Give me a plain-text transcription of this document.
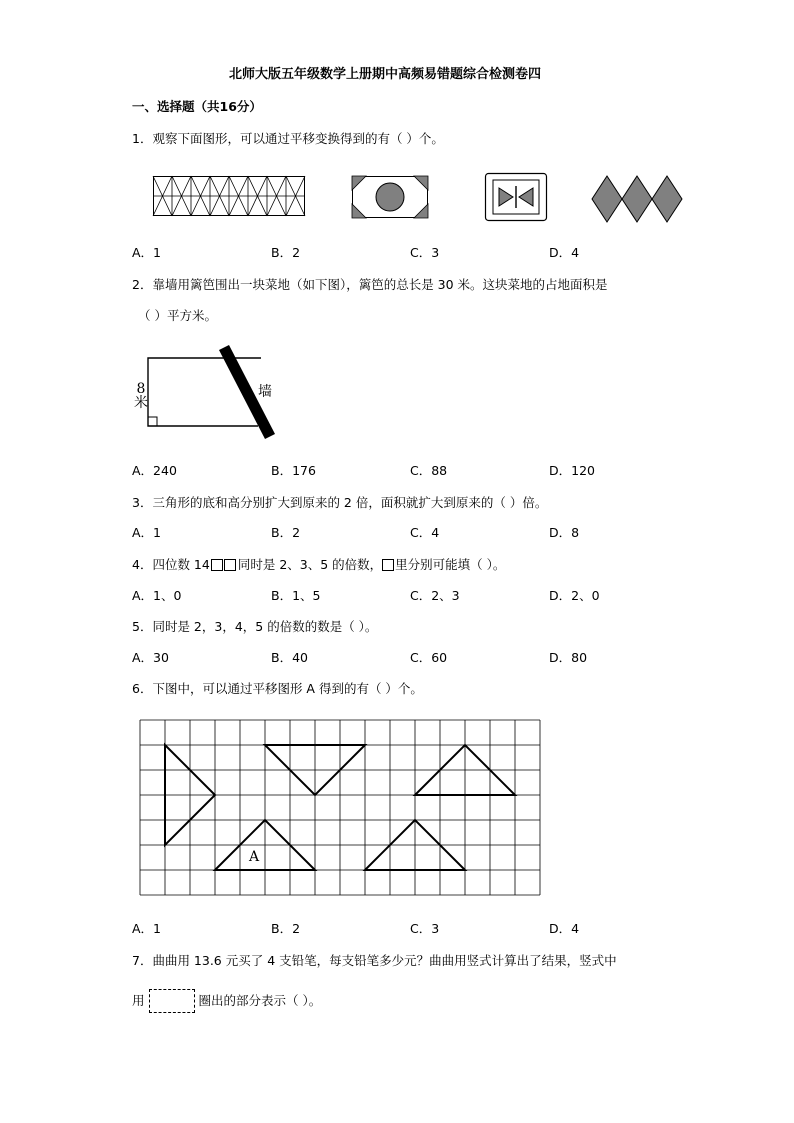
北师大版五年级数学上册期中高频易错题综合检测卷四
一、选择题（共16分）
1．观察下面图形，可以通过平移变换得到的有（ ）个。
A．1	B．2	C．3	D．4
2．靠墙用篱笆围出一块菜地（如下图），篱笆的总长是 30 米。这块菜地的占地面积是
（ ）平方米。
8米
墙
A．240	B．176	C．88	D．120
3．三角形的底和高分别扩大到原来的 2 倍，面积就扩大到原来的（ ）倍。
A．1	B．2	C．4	D．8
4．四位数 14 同时是 2、3、5 的倍数， 里分别可能填（ ）。
A．1、0	B．1、5	C．2、3	D．2、0
5．同时是 2，3，4，5 的倍数的数是（ ）。
A．30	B．40	C．60	D．80
6．下图中，可以通过平移图形 A 得到的有（ ）个。
A
A．1	B．2	C．3	D．4
7．曲曲用 13.6 元买了 4 支铅笔，每支铅笔多少元？曲曲用竖式计算出了结果，竖式中
用	圈出的部分表示（ ）。
